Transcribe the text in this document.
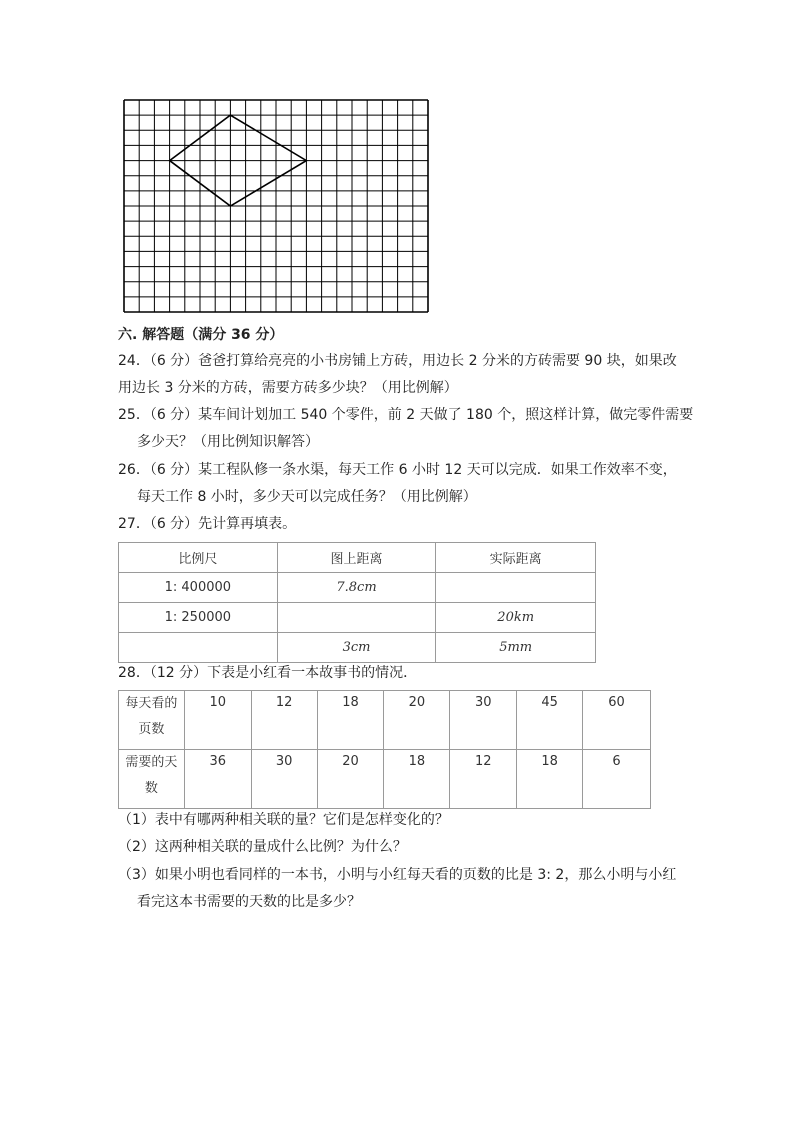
六. 解答题（满分 36 分）
24．（6 分）爸爸打算给亮亮的小书房铺上方砖，用边长 2 分米的方砖需要 90 块，如果改
用边长 3 分米的方砖，需要方砖多少块？（用比例解）
25．（6 分）某车间计划加工 540 个零件，前 2 天做了 180 个，照这样计算，做完零件需要
多少天？（用比例知识解答）
26．（6 分）某工程队修一条水渠，每天工作 6 小时 12 天可以完成．如果工作效率不变，
每天工作 8 小时，多少天可以完成任务？（用比例解）
27．（6 分）先计算再填表。
比例尺	图上距离	实际距离
1: 400000	7.8cm	
1: 250000		20km
	3cm	5mm
28．（12 分）下表是小红看一本故事书的情况．
每天看的
页数	10	12	18	20	30	45	60

需要的天
数	36	30	20	18	12	18	6
（1）表中有哪两种相关联的量？它们是怎样变化的？
（2）这两种相关联的量成什么比例？为什么？
（3）如果小明也看同样的一本书，小明与小红每天看的页数的比是 3: 2，那么小明与小红
看完这本书需要的天数的比是多少？
